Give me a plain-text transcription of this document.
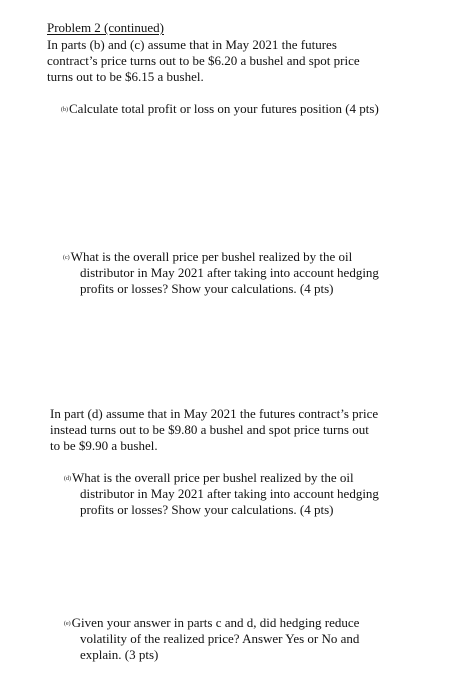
Problem 2 (continued)
In parts (b) and (c) assume that in May 2021 the futures
contract’s price turns out to be $6.20 a bushel and spot price
turns out to be $6.15 a bushel.
(b)Calculate total profit or loss on your futures position (4 pts)
(c)What is the overall price per bushel realized by the oil
distributor in May 2021 after taking into account hedging
profits or losses? Show your calculations. (4 pts)
In part (d) assume that in May 2021 the futures contract’s price
instead turns out to be $9.80 a bushel and spot price turns out
to be $9.90 a bushel.
(d)What is the overall price per bushel realized by the oil
distributor in May 2021 after taking into account hedging
profits or losses? Show your calculations. (4 pts)
(e)Given your answer in parts c and d, did hedging reduce
volatility of the realized price? Answer Yes or No and
explain. (3 pts)
